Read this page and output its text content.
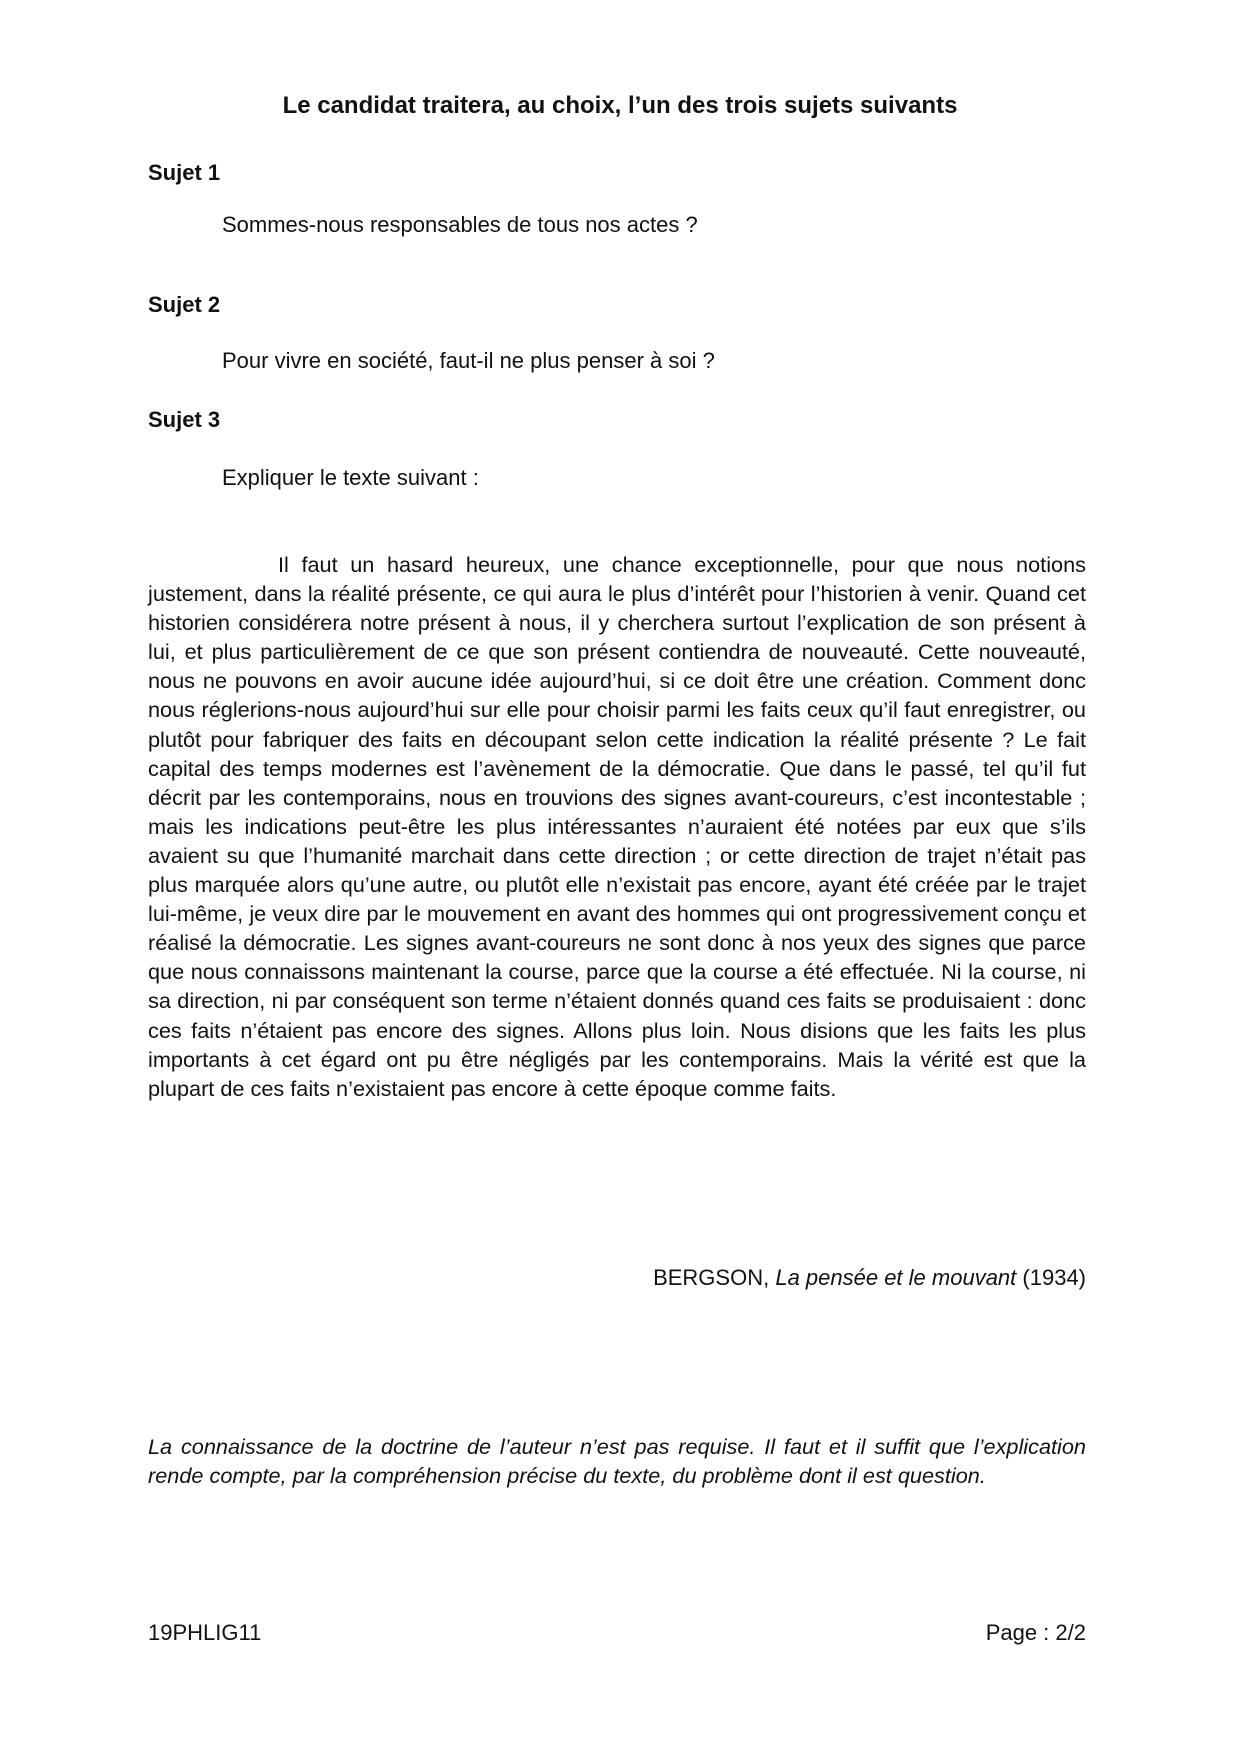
Le candidat traitera, au choix, l’un des trois sujets suivants
Sujet 1
Sommes-nous responsables de tous nos actes ?
Sujet 2
Pour vivre en société, faut-il ne plus penser à soi ?
Sujet 3
Expliquer le texte suivant :

Il faut un hasard heureux, une chance exceptionnelle, pour que nous notions justement, dans la réalité présente, ce qui aura le plus d’intérêt pour l’historien à venir. Quand cet historien considérera notre présent à nous, il y cherchera surtout l’explication de son présent à lui, et plus particulièrement de ce que son présent contiendra de nouveauté. Cette nouveauté, nous ne pouvons en avoir aucune idée aujourd’hui, si ce doit être une création. Comment donc nous réglerions-nous aujourd’hui sur elle pour choisir parmi les faits ceux qu’il faut enregistrer, ou plutôt pour fabriquer des faits en découpant selon cette indication la réalité présente ? Le fait capital des temps modernes est l’avènement de la démocratie. Que dans le passé, tel qu’il fut décrit par les contemporains, nous en trouvions des signes avant-coureurs, c’est incontestable ; mais les indications peut-être les plus intéressantes n’auraient été notées par eux que s’ils avaient su que l’humanité marchait dans cette direction ; or cette direction de trajet n’était pas plus marquée alors qu’une autre, ou plutôt elle n’existait pas encore, ayant été créée par le trajet lui-même, je veux dire par le mouvement en avant des hommes qui ont progressivement conçu et réalisé la démocratie. Les signes avant-coureurs ne sont donc à nos yeux des signes que parce que nous connaissons maintenant la course, parce que la course a été effectuée. Ni la course, ni sa direction, ni par conséquent son terme n’étaient donnés quand ces faits se produisaient : donc ces faits n’étaient pas encore des signes. Allons plus loin. Nous disions que les faits les plus importants à cet égard ont pu être négligés par les contemporains. Mais la vérité est que la plupart de ces faits n’existaient pas encore à cette époque comme faits.

BERGSON, La pensée et le mouvant (1934)

La connaissance de la doctrine de l’auteur n’est pas requise. Il faut et il suffit que l’explication rende compte, par la compréhension précise du texte, du problème dont il est question.

19PHLIG11	Page : 2/2
